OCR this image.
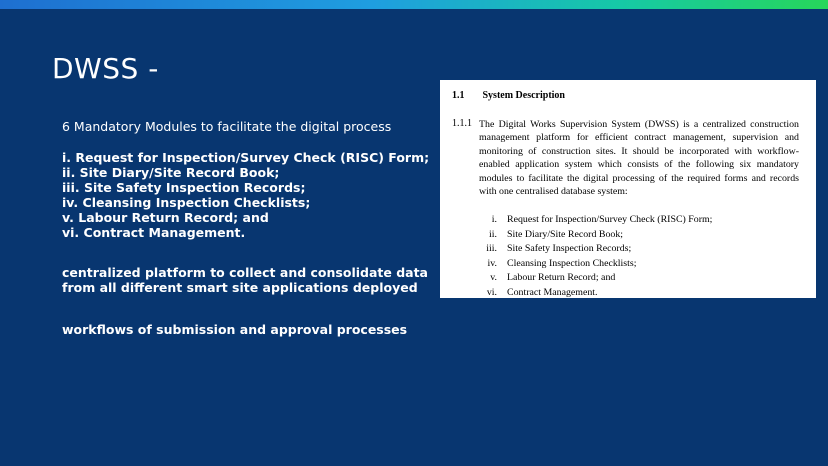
DWSS -
6 Mandatory Modules to facilitate the digital process
i. Request for Inspection/Survey Check (RISC) Form;
ii. Site Diary/Site Record Book;
iii. Site Safety Inspection Records;
iv. Cleansing Inspection Checklists;
v. Labour Return Record; and
vi. Contract Management.
centralized platform to collect and consolidate data from all different smart site applications deployed
workflows of submission and approval processes
1.1 System Description
1.1.1 The Digital Works Supervision System (DWSS) is a centralized construction management platform for efficient contract management, supervision and monitoring of construction sites. It should be incorporated with workflow-enabled application system which consists of the following six mandatory modules to facilitate the digital processing of the required forms and records with one centralised database system:
i. Request for Inspection/Survey Check (RISC) Form;
ii. Site Diary/Site Record Book;
iii. Site Safety Inspection Records;
iv. Cleansing Inspection Checklists;
v. Labour Return Record; and
vi. Contract Management.
